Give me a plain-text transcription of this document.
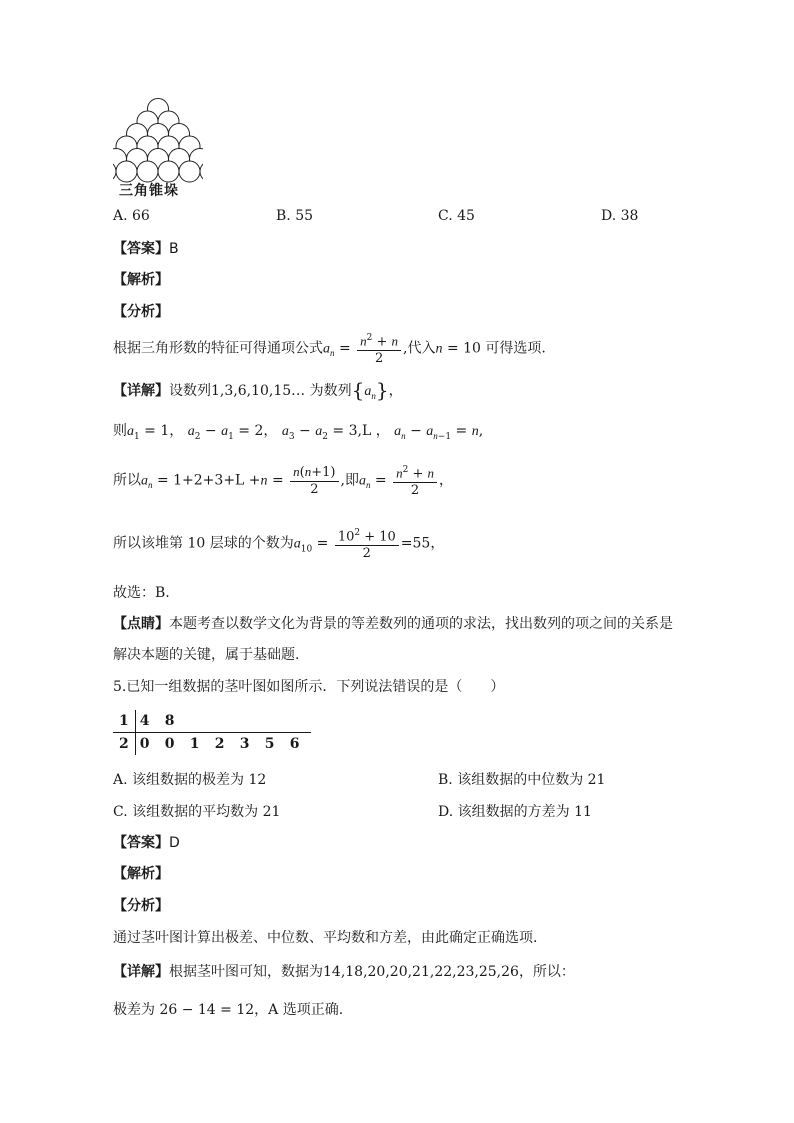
三角锥垛
A. 66	B. 55	C. 45	D. 38
【答案】B
【解析】
【分析】
根据三角形数的特征可得通项公式$a_n = \frac{n^2 + n}{2}$ ,代入n = 10 可得选项.
【详解】设数列1,3,6,10,15… 为数列$\{a_n\}$，
则$a_1 = 1$， $a_2 - a_1 = 2$， $a_3 - a_2 = 3,L$ ， $a_n - a_{n-1} = n$,
所以$a_n = 1+2+3+L +n = \frac{n(n+1)}{2}$ ,即$a_n = \frac{n^2 + n}{2}$ ，
所以该堆第 10 层球的个数为$a_{10} = \frac{10^2 + 10}{2} =55$，
故选：B.
【点睛】本题考查以数学文化为背景的等差数列的通项的求法，找出数列的项之间的关系是
解决本题的关键，属于基础题.
5.已知一组数据的茎叶图如图所示．下列说法错误的是（　　）
1	4	8					
2	0	0	1	2	3	5	6
A. 该组数据的极差为 12	B. 该组数据的中位数为 21
C. 该组数据的平均数为 21	D. 该组数据的方差为 11
【答案】D
【解析】
【分析】
通过茎叶图计算出极差、中位数、平均数和方差，由此确定正确选项.
【详解】根据茎叶图可知，数据为14,18,20,20,21,22,23,25,26，所以：
极差为 26 − 14 = 12，A 选项正确.
